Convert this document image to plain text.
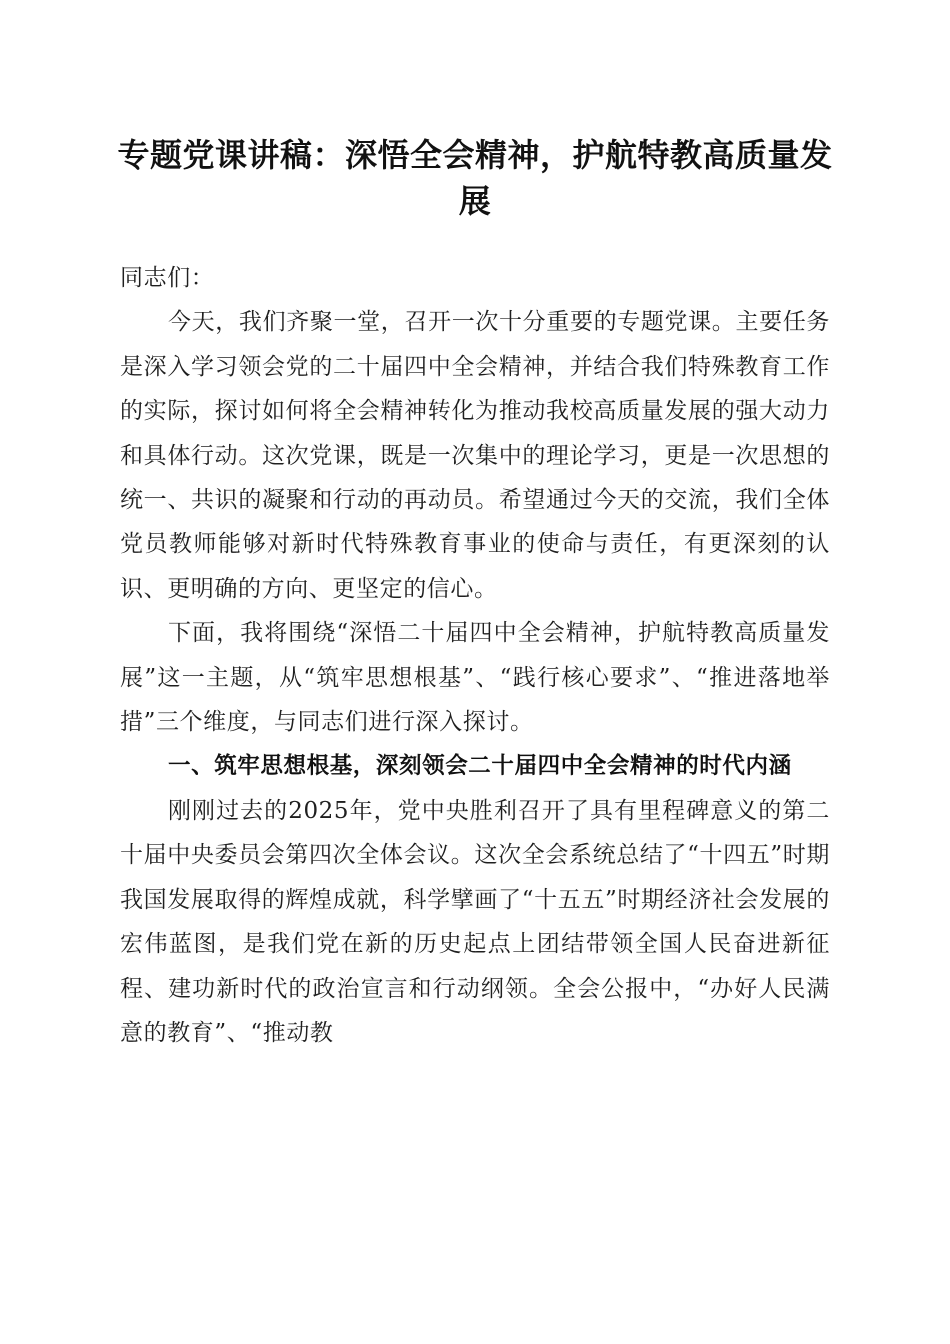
专题党课讲稿：深悟全会精神，护航特教高质量发展

同志们：

今天，我们齐聚一堂，召开一次十分重要的专题党课。主要任务是深入学习领会党的二十届四中全会精神，并结合我们特殊教育工作的实际，探讨如何将全会精神转化为推动我校高质量发展的强大动力和具体行动。这次党课，既是一次集中的理论学习，更是一次思想的统一、共识的凝聚和行动的再动员。希望通过今天的交流，我们全体党员教师能够对新时代特殊教育事业的使命与责任，有更深刻的认识、更明确的方向、更坚定的信心。

下面，我将围绕“深悟二十届四中全会精神，护航特教高质量发展”这一主题，从“筑牢思想根基”、“践行核心要求”、“推进落地举措”三个维度，与同志们进行深入探讨。

一、筑牢思想根基，深刻领会二十届四中全会精神的时代内涵

刚刚过去的2025年，党中央胜利召开了具有里程碑意义的第二十届中央委员会第四次全体会议。这次全会系统总结了“十四五”时期我国发展取得的辉煌成就，科学擘画了“十五五”时期经济社会发展的宏伟蓝图，是我们党在新的历史起点上团结带领全国人民奋进新征程、建功新时代的政治宣言和行动纲领。全会公报中，“办好人民满意的教育”、“推动教
